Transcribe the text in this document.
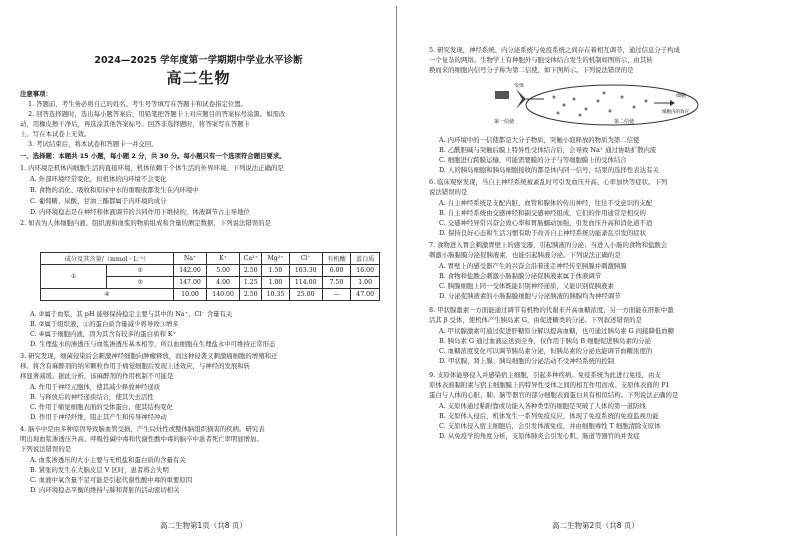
2024—2025 学年度第一学期期中学业水平诊断
高二生物
注意事项：
1. 答题前，考生务必将自己的姓名、考生号等填写在答题卡和试卷指定位置。
2. 回答选择题时，选出每小题答案后，用铅笔把答题卡上对应题目的答案标号涂黑。如需改
动，用橡皮擦干净后，再选涂其他答案标号。回答非选择题时，将答案写在答题卡
上。写在本试卷上无效。
3. 考试结束后，将本试卷和答题卡一并交回。
一、选择题：本题共 15 小题，每小题 2 分，共 30 分。每小题只有一个选项符合题目要求。
1. 内环境是机体内细胞生活的直接环境，机体依赖于个体生活的外界环境。下列说法正确的是
A. 外部环境经常变化，但机体的内环境不会变化
B. 食物的消化、吸收和原尿中水的重吸收都发生在内环境中
C. 葡萄糖、尿酸、甘油三酯都属于内环境的成分
D. 内环境稳态是在神经和体液调节的共同作用下维持的，体液调节占主导地位
2. 如表为人体细胞内液、组织液和血浆的物质组成和含量的测定数据，下列说法错误的是
成分及其含量/（mmol · L⁻¹）		Na⁺	K⁺	Ca²⁺	Mg²⁺	Cl⁻	有机酸	蛋白质
①	②	142.00	5.00	2.50	1.50	103.30	6.00	16.00
	③	147.00	4.00	1.25	1.00	114.00	7.50	1.00
④		10.00	140.00	2.50	10.35	25.00	—	47.00
A. ②属于血浆，其 pH 能够保持稳定主要与其中的 Na⁺、Cl⁻ 含量有关
B. ②属于组织液，②的蛋白质含量减少将导致③增多
C. ④属于细胞内液，因为其含有较多的蛋白质和 K⁺
D. 生理盐水的渗透压与血浆渗透压基本相等，所以血细胞在生理盐水中可维持正常形态
3. 研究发现，细菌侵染后会刺激神经细胞向肿瘤释放，而这种侵袭又刺激痛细胞的增殖和迁
移。将含有麻醉剂的纳米颗粒作用于痛觉细胞后发现上述效应，与神经的发展和转
移显著减缓。据此分析，该麻醉剂的作用机制不可能是
A. 作用于神经元胞体，使其减少释放神经递质
B. 与释放后的神经递质结合，使其失去活性
C. 作用于痛觉细胞表面的受体蛋白，使其结构变化
D. 作用于神经纤维，阻止其产生和传导神经冲动
4. 脑卒中是由多种原因导致脑血管受损，产生局灶性或整体脑组织损害的疾病。研究表
明出现血浆渗透压升高、呼吸性碱中毒和代谢性酸中毒的脑卒中患者死亡率明显增加。
下列说法错误的是
A. 血浆渗透压的大小主要与无机盐和蛋白质的含量有关
B. 紧张的发生在大脑皮层 V 区时，患者将会失明
C. 血液中氧含量不足可能是引起代谢性酸中毒的重要原因
D. 内环境稳态平衡的维持与肺和肾脏的活动密切相关
高二生物第1页（共8 页）
5. 研究发现，神经系统、内分泌系统与免疫系统之间存在着相互调节，通过信息分子构成
一个复杂的网络。生物学上有种胞外与胞受体结合发生的机制如图所示，由其转
换而来的细胞内信号分子称为第二信使，如下图所示。下列说法错误的是
受体
第一信使	第二信使
细胞
细胞内的效应
A. 内环境中的一信使都是大分子物质，突触小泡释放的物质为第二信使
B. 乙酰胆碱与突触后膜上特异性受体结合后，会导致 Na⁺ 通过协助扩散内流
C. 细胞进行跨膜运输，可能需要膜的分子与等细胞膜上的受体结合
D. 人的胰岛细胞和胰岛细胞接收的都是体内同一信号，结果的选择性表达有关
6. 临床观察发现，当自主神经系统被紊乱时可引发血压升高、心率加快等症状。下列
说法错误的是
A. 自主神经系统是支配内脏、血管和腺体的传出神经，往往不受意识的支配
B. 自主神经系统由交感神经和副交感神经组成，它们的作用通常是相反的
C. 交感神经异常兴奋会致心率和胃肠蠕动加强，引发血压升高和消化道不适
D. 保持良好心态和生活习惯有助于改善自主神经系统功能紊乱引发的症状
7. 食物进入胃会刺激胃壁上的感受器，引起胰液的分泌；当进入小肠的食物和盐酸会
刺激小肠黏膜分泌促胰液素，也能引起胰液分泌。下列说法正确的是
A. 胃壁上的感受器产生的兴奋会沿着迷走神经传至胰腺并刺激胰腺
B. 食物和盐酸会刺激小肠黏膜分泌促胰液素属于体液调节
C. 胰腺细胞上同一受体既能识别神经递质，又能识别促胰液素
D. 分泌促胰液素的小肠黏膜细胞与分泌胰液的胰腺均为神经调节
8. 甲状腺激素一方面能通过调节有机物的代谢来升高血糖浓度，另一方面能在肝脏中激
活其 β 受体，使机体产生胰岛素 G，由促进糖类的分泌。下列叙述错误的是
A. 甲状腺激素可通过促进肝糖原分解以提高血糖，也可通过胰岛素 G 间接降低血糖
B. 胰岛素 G 通过血液运送到全身，仅作用于胰岛 B 细胞促进胰岛素的分泌
C. 血糖浓度变化可以调节胰岛素分泌，但胰岛素的分泌也能调节血糖浓度的
D. 甲状腺、肾上腺、胰岛细胞的分泌活动不受神经系统的控制
9. 支原体能够侵入并感染宿主细胞，引起多种疾病。免疫系统为此进行免疫，由支
原体表面黏附素与宿主细胞膜上的特异性受体之间的相互作用而成。支原体表面的 P1
蛋白与人体的心脏、肺、脑等器官的部分细胞表面蛋白具有相似结构。下列说法正确的是
A. 支原体通过粘附靠或功能入各种类型的细胞是突破了人体的第一道防线
B. 支原体入侵后，机体发生一系列免疫反应，体现了免疫系统的免疫监视功能
C. 支原体侵入宿主细胞后，会引发体液免疫，并由细胞毒性 T 细胞清除支原体
D. 从免疫学的角度分析，支原体肺炎会引发心肌、肠道等器官的并发症
高二生物第2页（共8 页）
